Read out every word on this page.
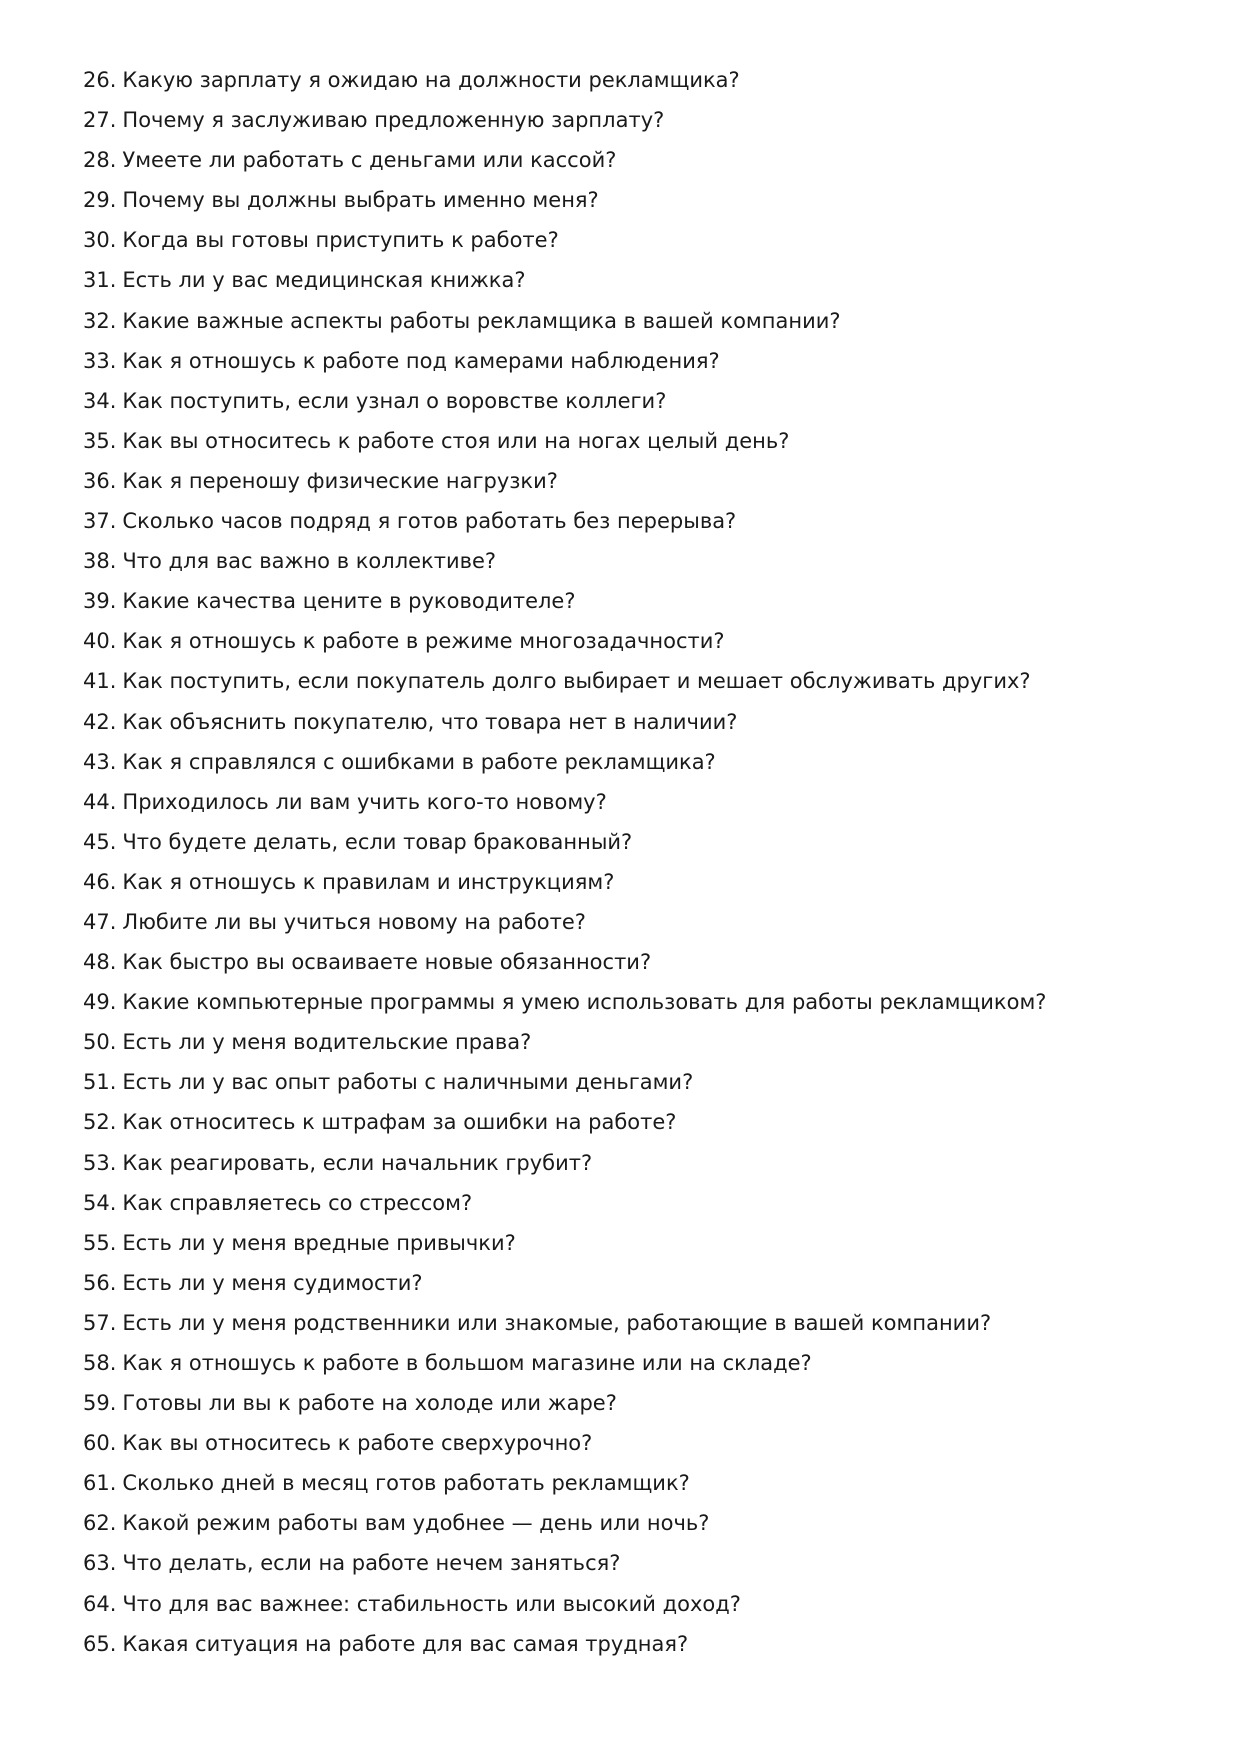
26. Какую зарплату я ожидаю на должности рекламщика?
27. Почему я заслуживаю предложенную зарплату?
28. Умеете ли работать с деньгами или кассой?
29. Почему вы должны выбрать именно меня?
30. Когда вы готовы приступить к работе?
31. Есть ли у вас медицинская книжка?
32. Какие важные аспекты работы рекламщика в вашей компании?
33. Как я отношусь к работе под камерами наблюдения?
34. Как поступить, если узнал о воровстве коллеги?
35. Как вы относитесь к работе стоя или на ногах целый день?
36. Как я переношу физические нагрузки?
37. Сколько часов подряд я готов работать без перерыва?
38. Что для вас важно в коллективе?
39. Какие качества цените в руководителе?
40. Как я отношусь к работе в режиме многозадачности?
41. Как поступить, если покупатель долго выбирает и мешает обслуживать других?
42. Как объяснить покупателю, что товара нет в наличии?
43. Как я справлялся с ошибками в работе рекламщика?
44. Приходилось ли вам учить кого-то новому?
45. Что будете делать, если товар бракованный?
46. Как я отношусь к правилам и инструкциям?
47. Любите ли вы учиться новому на работе?
48. Как быстро вы осваиваете новые обязанности?
49. Какие компьютерные программы я умею использовать для работы рекламщиком?
50. Есть ли у меня водительские права?
51. Есть ли у вас опыт работы с наличными деньгами?
52. Как относитесь к штрафам за ошибки на работе?
53. Как реагировать, если начальник грубит?
54. Как справляетесь со стрессом?
55. Есть ли у меня вредные привычки?
56. Есть ли у меня судимости?
57. Есть ли у меня родственники или знакомые, работающие в вашей компании?
58. Как я отношусь к работе в большом магазине или на складе?
59. Готовы ли вы к работе на холоде или жаре?
60. Как вы относитесь к работе сверхурочно?
61. Сколько дней в месяц готов работать рекламщик?
62. Какой режим работы вам удобнее — день или ночь?
63. Что делать, если на работе нечем заняться?
64. Что для вас важнее: стабильность или высокий доход?
65. Какая ситуация на работе для вас самая трудная?
